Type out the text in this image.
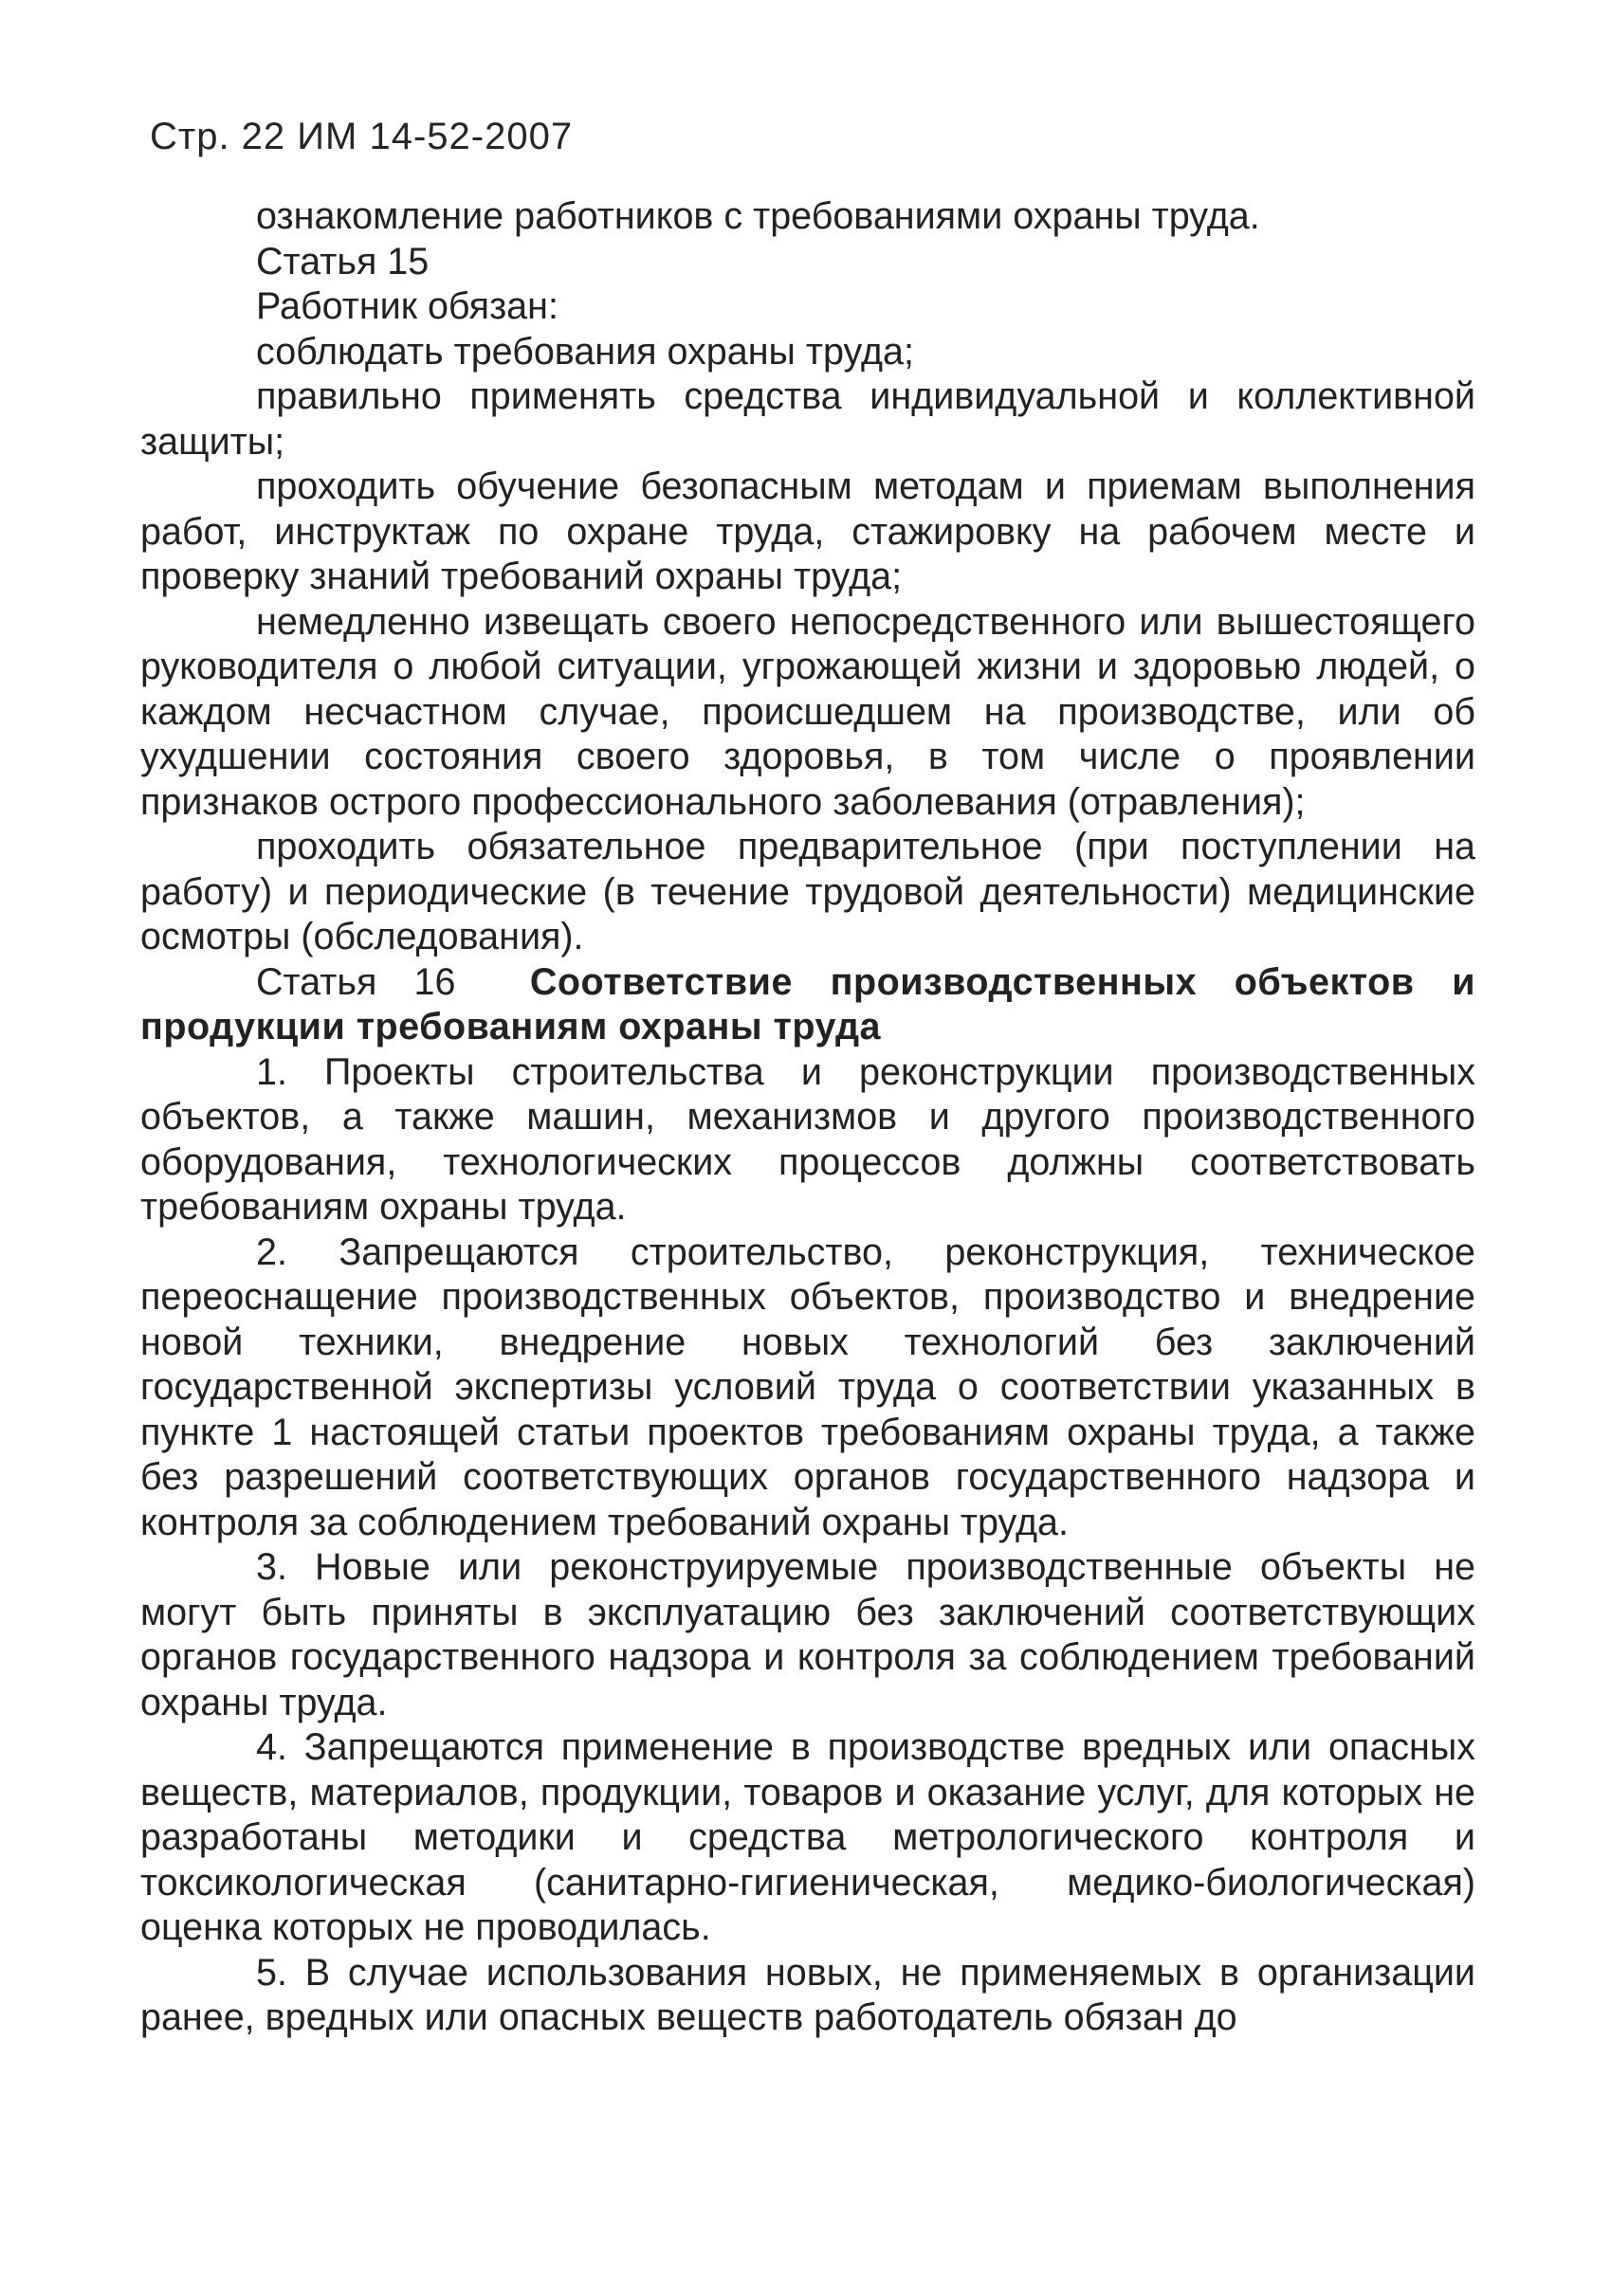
Стр. 22 ИМ 14-52-2007

ознакомление работников с требованиями охраны труда.

Статья 15

Работник обязан:

соблюдать требования охраны труда;

правильно применять средства индивидуальной и коллективной защиты;

проходить обучение безопасным методам и приемам выполнения работ, инструктаж по охране труда, стажировку на рабочем месте и проверку знаний требований охраны труда;

немедленно извещать своего непосредственного или вышестоящего руководителя о любой ситуации, угрожающей жизни и здоровью людей, о каждом несчастном случае, происшедшем на производстве, или об ухудшении состояния своего здоровья, в том числе о проявлении признаков острого профессионального заболевания (отравления);

проходить обязательное предварительное (при поступлении на работу) и периодические (в течение трудовой деятельности) медицинские осмотры (обследования).

Статья 16 Соответствие производственных объектов и продукции требованиям охраны труда

1. Проекты строительства и реконструкции производственных объектов, а также машин, механизмов и другого производственного оборудования, технологических процессов должны соответствовать требованиям охраны труда.

2. Запрещаются строительство, реконструкция, техническое переоснащение производственных объектов, производство и внедрение новой техники, внедрение новых технологий без заключений государственной экспертизы условий труда о соответствии указанных в пункте 1 настоящей статьи проектов требованиям охраны труда, а также без разрешений соответствующих органов государственного надзора и контроля за соблюдением требований охраны труда.

3. Новые или реконструируемые производственные объекты не могут быть приняты в эксплуатацию без заключений соответствующих органов государственного надзора и контроля за соблюдением требований охраны труда.

4. Запрещаются применение в производстве вредных или опасных веществ, материалов, продукции, товаров и оказание услуг, для которых не разработаны методики и средства метрологического контроля и токсикологическая (санитарно-гигиеническая, медико-биологическая) оценка которых не проводилась.

5. В случае использования новых, не применяемых в организации ранее, вредных или опасных веществ работодатель обязан до
